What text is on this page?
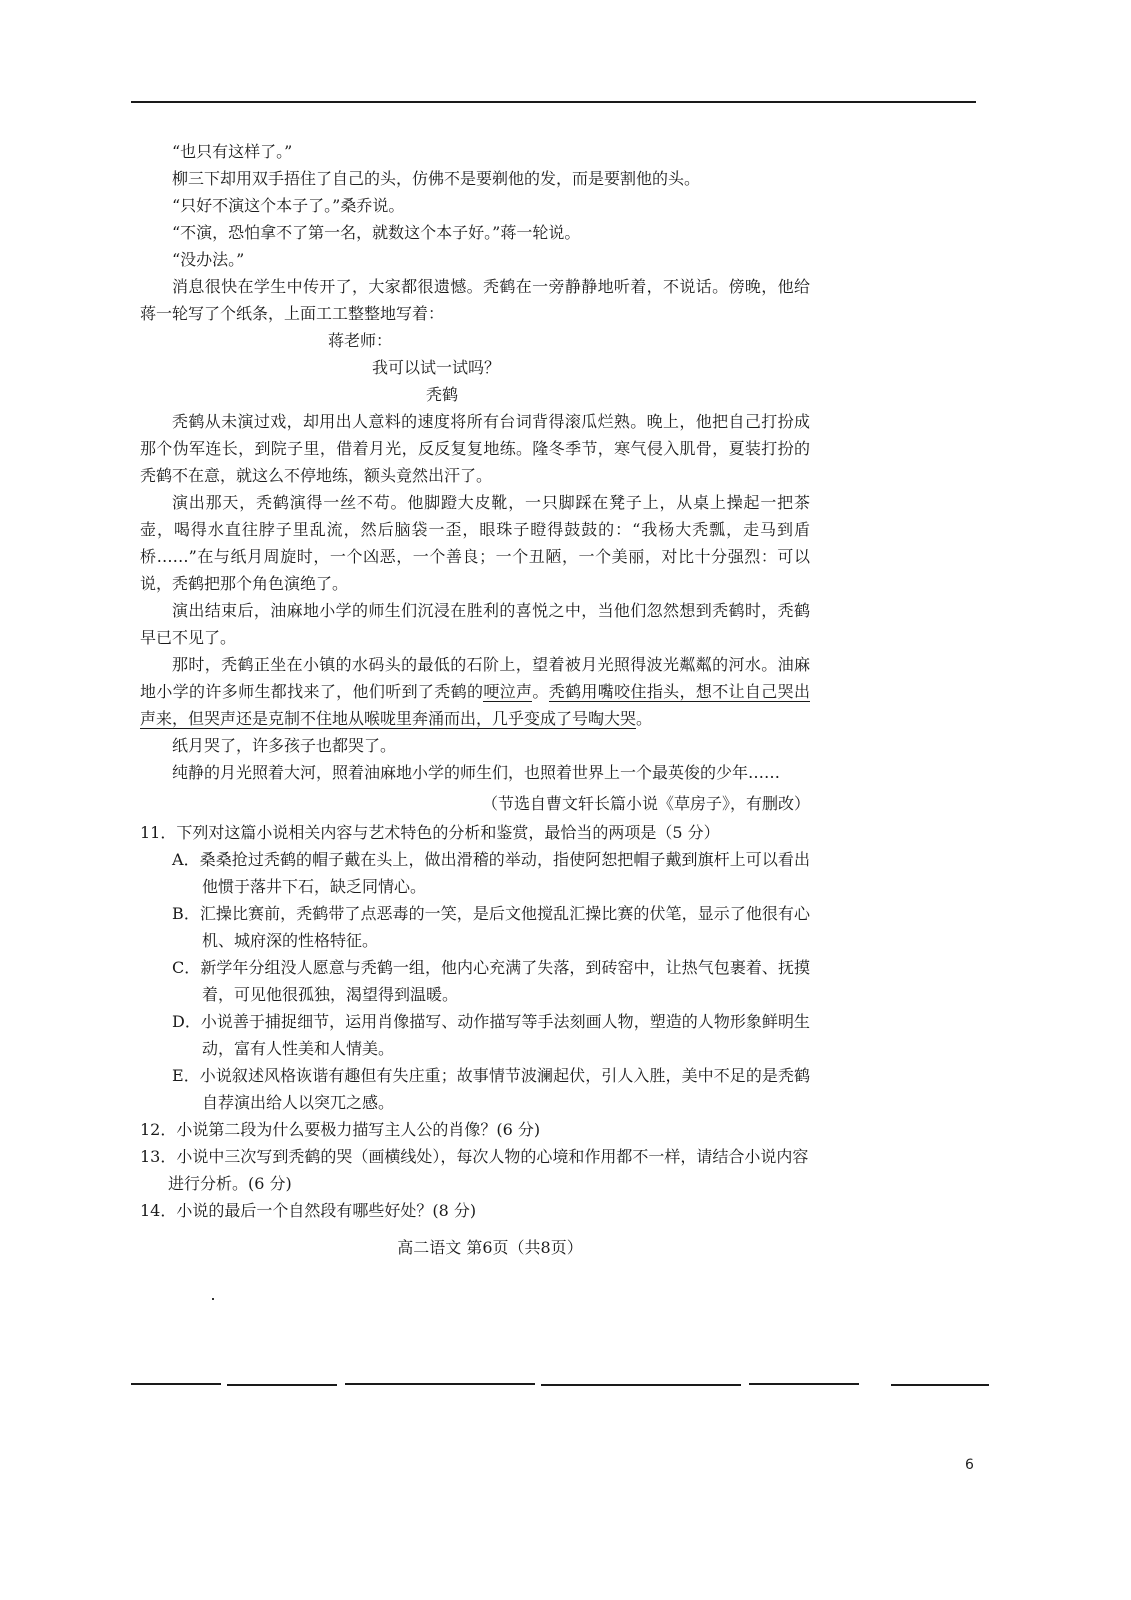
“也只有这样了。”

柳三下却用双手捂住了自己的头，仿佛不是要剃他的发，而是要割他的头。

“只好不演这个本子了。”桑乔说。

“不演，恐怕拿不了第一名，就数这个本子好。”蒋一轮说。

“没办法。”

消息很快在学生中传开了，大家都很遗憾。秃鹤在一旁静静地听着，不说话。傍晚，他给蒋一轮写了个纸条，上面工工整整地写着：

蒋老师：

我可以试一试吗？

秃鹤

秃鹤从未演过戏，却用出人意料的速度将所有台词背得滚瓜烂熟。晚上，他把自己打扮成那个伪军连长，到院子里，借着月光，反反复复地练。隆冬季节，寒气侵入肌骨，夏装打扮的秃鹤不在意，就这么不停地练，额头竟然出汗了。

演出那天，秃鹤演得一丝不苟。他脚蹬大皮靴，一只脚踩在凳子上，从桌上操起一把茶壶，喝得水直往脖子里乱流，然后脑袋一歪，眼珠子瞪得鼓鼓的：“我杨大秃瓢，走马到盾桥……”在与纸月周旋时，一个凶恶，一个善良；一个丑陋，一个美丽，对比十分强烈：可以说，秃鹤把那个角色演绝了。

演出结束后，油麻地小学的师生们沉浸在胜利的喜悦之中，当他们忽然想到秃鹤时，秃鹤早已不见了。

那时，秃鹤正坐在小镇的水码头的最低的石阶上，望着被月光照得波光粼粼的河水。油麻地小学的许多师生都找来了，他们听到了秃鹤的哽泣声。秃鹤用嘴咬住指头，想不让自己哭出声来，但哭声还是克制不住地从喉咙里奔涌而出，几乎变成了号啕大哭。

纸月哭了，许多孩子也都哭了。

纯静的月光照着大河，照着油麻地小学的师生们，也照着世界上一个最英俊的少年……

（节选自曹文轩长篇小说《草房子》，有删改）

11．下列对这篇小说相关内容与艺术特色的分析和鉴赏，最恰当的两项是（5 分）

A．桑桑抢过秃鹤的帽子戴在头上，做出滑稽的举动，指使阿恕把帽子戴到旗杆上可以看出他惯于落井下石，缺乏同情心。

B．汇操比赛前，秃鹤带了点恶毒的一笑，是后文他搅乱汇操比赛的伏笔，显示了他很有心机、城府深的性格特征。

C．新学年分组没人愿意与秃鹤一组，他内心充满了失落，到砖窑中，让热气包裹着、抚摸着，可见他很孤独，渴望得到温暖。

D．小说善于捕捉细节，运用肖像描写、动作描写等手法刻画人物，塑造的人物形象鲜明生动，富有人性美和人情美。

E．小说叙述风格诙谐有趣但有失庄重；故事情节波澜起伏，引人入胜，美中不足的是秃鹤自荐演出给人以突兀之感。

12．小说第二段为什么要极力描写主人公的肖像？(6 分)

13．小说中三次写到秃鹤的哭（画横线处），每次人物的心境和作用都不一样，请结合小说内容进行分析。(6 分)

14．小说的最后一个自然段有哪些好处？(8 分)

高二语文 第6页（共8页）

6
